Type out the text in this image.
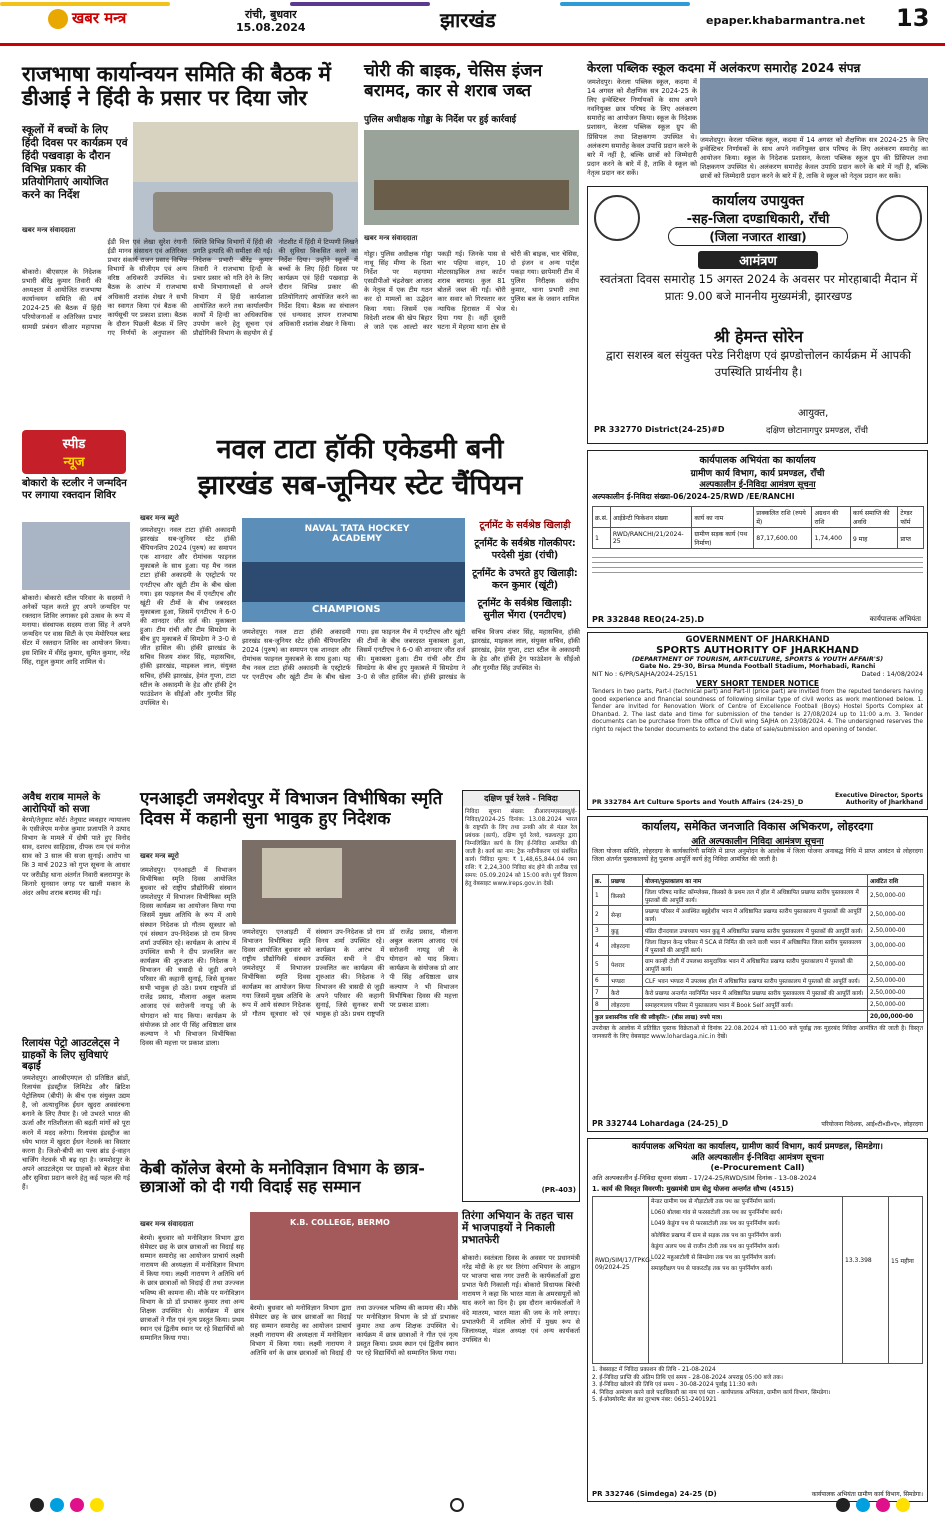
खबर मन्त्र	रांची, बुधवार
15.08.2024	झारखंड	epaper.khabarmantra.net 13
राजभाषा कार्यान्वयन समिति की बैठक में डीआई ने हिंदी के प्रसार पर दिया जोर
स्कूलों में बच्चों के लिए हिंदी दिवस पर कार्यक्रम एवं हिंदी पखवाड़ा के दौरान विभिन्न प्रकार की प्रतियोगिताएं आयोजित करने का निर्देश
खबर मन्त्र संवाददाता
बोकारो। बीएसएल के निदेशक प्रभारी बीरेंद्र कुमार तिवारी की अध्यक्षता में आयोजित राजभाषा कार्यान्वयन समिति की वर्ष 2024-25 की बैठक में हिंदी परियोजनाओं व अतिरिक्त प्रभार सामग्री प्रबंधन सीआर महापात्रा ईडी वित्त एवं लेखा सुरेश रंगानी ईडी मानव संसाधन एवं अतिरिक्त प्रभार संकार्य राजन प्रसाद विभिन्न विभागों के सीजीएम एवं अन्य वरिष्ठ अधिकारी उपस्थित थे। बैठक के आरंभ में राजभाषा अधिकारी शशांक शेखर ने सभी का स्वागत किया एवं बैठक की कार्यसूची पर प्रकाश डाला। बैठक के दौरान पिछली बैठक में लिए गए निर्णयों के अनुपालन की स्थिति विभिन्न विभागों में हिंदी की प्रगति इत्यादि की समीक्षा की गई। निदेशक प्रभारी बीरेंद्र कुमार तिवारी ने राजभाषा हिन्दी के प्रचार प्रसार को गति देने के लिए सभी विभागाध्यक्षों से अपने विभाग में हिंदी कार्यशाला आयोजित करने तथा कार्यालयीन कार्यों में हिन्दी का अधिकाधिक उपयोग करने हेतु सूचना एवं प्रौद्योगिकी विभाग के सहयोग से ई नोटशीट में हिंदी में टिप्पणी लिखने की सुविधा विकसित करने का निर्देश दिया। उन्होंने स्कूलों में बच्चों के लिए हिंदी दिवस पर कार्यक्रम एवं हिंदी पखवाड़ा के दौरान विभिन्न प्रकार की प्रतियोगिताएं आयोजित करने का निर्देश दिया। बैठक का संचालन एवं धन्यवाद ज्ञापन राजभाषा अधिकारी शशांक शेखर ने किया।
चोरी की बाइक, चेसिस इंजन बरामद, कार से शराब जब्त
पुलिस अधीक्षक गोड्डा के निर्देश पर हुई कार्रवाई
खबर मन्त्र संवाददाता
गोड्डा। पुलिस अधीक्षक गोड्डा नाथू सिंह मीणा के दिशा निर्देश पर महगामा एसडीपीओ चंद्रशेखर आजाद के नेतृत्व में एक टीम गठन कर दो मामलों का उद्भेदन किया गया। जिसमें एक विदेशी शराब की खेप बिहार ले जाते एक आल्टो कार पकड़ी गई। जिनके पास से चार पहिया वाहन, 10 मोटरसाइकिल तथा कार्टन शराब बरामद। कुल 81 बोतलें जब्त की गईं। चोरी कार सवार को गिरफ्तार कर न्यायिक हिरासत में भेज दिया गया है। वहीं दूसरी घटना में मेहरमा थाना क्षेत्र से चोरी की बाइक, चार चेसिस, दो इंजन व अन्य पार्ट्स पकड़ा गया। छापेमारी टीम में पुलिस निरीक्षक संदीप कुमार, थाना प्रभारी तथा पुलिस बल के जवान शामिल थे।
केरला पब्लिक स्कूल कदमा में अलंकरण समारोह 2024 संपन्न
जमशेदपुर। केरला पब्लिक स्कूल, कदमा में 14 अगस्त को शैक्षणिक सत्र 2024-25 के लिए इन्वेस्टिचर निर्णायकों के साथ अपने नवनियुक्त छात्र परिषद के लिए अलंकरण समारोह का आयोजन किया। स्कूल के निदेशक प्रशासन, केरला पब्लिक स्कूल ग्रुप की प्रिंसिपल तथा शिक्षकगण उपस्थित थे। अलंकरण समारोह केवल उपाधि प्रदान करने के बारे में नहीं है, बल्कि छात्रों को जिम्मेदारी प्रदान करने के बारे में है, ताकि वे स्कूल को नेतृत्व प्रदान कर सकें।
जमशेदपुर। केरला पब्लिक स्कूल, कदमा में 14 अगस्त को शैक्षणिक सत्र 2024-25 के लिए इन्वेस्टिचर निर्णायकों के साथ अपने नवनियुक्त छात्र परिषद के लिए अलंकरण समारोह का आयोजन किया। स्कूल के निदेशक प्रशासन, केरला पब्लिक स्कूल ग्रुप की प्रिंसिपल तथा शिक्षकगण उपस्थित थे। अलंकरण समारोह केवल उपाधि प्रदान करने के बारे में नहीं है, बल्कि छात्रों को जिम्मेदारी प्रदान करने के बारे में है, ताकि वे स्कूल को नेतृत्व प्रदान कर सकें।
कार्यालय उपायुक्त
-सह-जिला दण्डाधिकारी, रॉंची
(जिला नजारत शाखा)
आमंत्रण
स्वतंत्रता दिवस समारोह 15 अगस्त 2024 के अवसर पर मोरहाबादी मैदान में प्रातः 9.00 बजे माननीय मुख्यमंत्री, झारखण्ड
श्री हेमन्त सोरेन
द्वारा सशस्त्र बल संयुक्त परेड निरीक्षण एवं झण्डोत्तोलन कार्यक्रम में आपकी उपस्थिति प्रार्थनीय है।
आयुक्त,
PR 332770 District(24-25)#D	दक्षिण छोटानागपुर प्रमण्डल, रॉंची
स्पीड
न्यूज
बोकारो के स्टलीर ने जन्मदिन पर लगाया रक्तदान शिविर
बोकारो। बोकारो स्टील परिवार के सदस्यों ने अनेकों पहल करते हुए अपने जन्मदिन पर रक्तदान शिविर लगाकर इसे उत्सव के रूप में मनाया। संस्थापक सदस्य राजा सिंह ने अपने जन्मदिन पर वास सिटी के एम मेमोरियल ब्लड सेंटर में रक्तदान शिविर का आयोजन किया। इस शिविर में वीरेंद्र कुमार, सुमित कुमार, नरेंद्र सिंह, राहुल कुमार आदि शामिल थे।
अवैध शराब मामले के आरोपियों को सजा
बेरमो/तेनुघाट कोर्ट। तेनुघाट व्यवहार न्यायालय के एसीजेएम मनोज कुमार प्रजापति ने उत्पाद विभाग के मामले में दोषी पाते हुए विनोद साव, दशरथ साहिदास, दीपक राम एवं मनोज साव को 3 साल की सजा सुनाई। आरोप था कि 3 मार्च 2023 को गुप्त सूचना के आधार पर जरीडीह थाना अंतर्गत निवारी बलरामपुर के किनारे सुनसान जगह पर खाली मकान के अंदर अवैध शराब बरामद की गई।
रिलायंस पेट्रो आउटलेट्स ने ग्राहकों के लिए सुविधाएं बढ़ाईं
जमशेदपुर। आरबीएमएल दो प्रतिष्ठित ब्रांडों, रिलायंस इंडस्ट्रीज लिमिटेड और ब्रिटिश पेट्रोलियम (बीपी) के बीच एक संयुक्त उद्यम है, जो अत्याधुनिक ईंधन खुदरा अवसंरचना बनाने के लिए तैयार है। जो उभरते भारत की ऊर्जा और गतिशीलता की बढ़ती मांगों को पूरा करने में मदद करेगा। रिलायंस इंडस्ट्रीज का ध्येय भारत में खुदरा ईंधन नेटवर्क का विस्तार करना है। जिओ-बीपी का पल्स ब्रांड ई-वाहन चार्जिंग नेटवर्क भी बढ़ रहा है। जमशेदपुर के अपने आउटलेट्स पर ग्राहकों को बेहतर सेवा और सुविधा प्रदान करने हेतु कई पहल की गई हैं।
नवल टाटा हॉकी एकेडमी बनी
झारखंड सब-जूनियर स्टेट चैंपियन
खबर मन्त्र ब्यूरो
जमशेदपुर। नवल टाटा हॉकी अकादमी झारखंड सब-जूनियर स्टेट हॉकी चैंपियनशिप 2024 (पुरुष) का समापन एक शानदार और रोमांचक फाइनल मुकाबले के साथ हुआ। यह मैच नवल टाटा हॉकी अकादमी के एस्ट्रोटर्फ पर एनटीएच और खूंटी टीम के बीच खेला गया। इस फाइनल मैच में एनटीएच और खूंटी की टीमों के बीच जबरदस्त मुकाबला हुआ, जिसमें एनटीएच ने 6-0 की शानदार जीत दर्ज की। मुकाबला हुआ। टीम रांची और टीम सिमडेगा के बीच हुए मुकाबले में सिमडेगा ने 3-0 से जीत हासिल की। हॉकी झारखंड के सचिव विजय शंकर सिंह, महासचिव, हॉकी झारखंड, माइकल लाल, संयुक्त सचिव, हॉकी झारखंड, हेमंत गुप्ता, टाटा स्टील के अकादमी के हेड और हॉकी ट्रेन फाउंडेशन के सीईओ और गुरमीत सिंह उपस्थित थे।
NAVAL TATA HOCKEY ACADEMY
CHAMPIONS
टूर्नामेंट के सर्वश्रेष्ठ खिलाड़ी
टूर्नामेंट के सर्वश्रेष्ठ गोलकीपर: परदेसी मुंडा (रांची)
टूर्नामेंट के उभरते हुए खिलाड़ी: करन कुमार (खूंटी)
टूर्नामेंट के सर्वश्रेष्ठ खिलाड़ी: सुनील भेंगरा (एनटीएच)
जमशेदपुर। नवल टाटा हॉकी अकादमी झारखंड सब-जूनियर स्टेट हॉकी चैंपियनशिप 2024 (पुरुष) का समापन एक शानदार और रोमांचक फाइनल मुकाबले के साथ हुआ। यह मैच नवल टाटा हॉकी अकादमी के एस्ट्रोटर्फ पर एनटीएच और खूंटी टीम के बीच खेला गया। इस फाइनल मैच में एनटीएच और खूंटी की टीमों के बीच जबरदस्त मुकाबला हुआ, जिसमें एनटीएच ने 6-0 की शानदार जीत दर्ज की। मुकाबला हुआ। टीम रांची और टीम सिमडेगा के बीच हुए मुकाबले में सिमडेगा ने 3-0 से जीत हासिल की। हॉकी झारखंड के सचिव विजय शंकर सिंह, महासचिव, हॉकी झारखंड, माइकल लाल, संयुक्त सचिव, हॉकी झारखंड, हेमंत गुप्ता, टाटा स्टील के अकादमी के हेड और हॉकी ट्रेन फाउंडेशन के सीईओ और गुरमीत सिंह उपस्थित थे।
एनआइटी जमशेदपुर में विभाजन विभीषिका स्मृति दिवस में कहानी सुना भावुक हुए निदेशक
खबर मन्त्र ब्यूरो
जमशेदपुर। एनआइटी में विभाजन विभीषिका स्मृति दिवस आयोजित बुधवार को राष्ट्रीय प्रौद्योगिकी संस्थान जमशेदपुर में विभाजन विभीषिका स्मृति दिवस कार्यक्रम का आयोजन किया गया जिसमें मुख्य अतिथि के रूप में आये संस्थान निदेशक प्रो गौतम सूत्रधार को एवं संस्थान उप-निदेशक प्रो राम विनय शर्मा उपस्थित रहे। कार्यक्रम के आरंभ में उपस्थित सभी ने दीप प्रज्वलित कर कार्यक्रम की शुरुआत की। निदेशक ने विभाजन की त्रासदी से जुड़ी अपने परिवार की कहानी सुनाई, जिसे सुनकर सभी भावुक हो उठे। प्रथम राष्ट्रपति डॉ राजेंद्र प्रसाद, मौलाना अबुल कलाम आजाद एवं सरोजनी नायडू जी के योगदान को याद किया। कार्यक्रम के संयोजक प्रो आर पी सिंह अधिष्ठाता छात्र कल्याण ने भी विभाजन विभीषिका दिवस की महत्ता पर प्रकाश डाला।
जमशेदपुर। एनआइटी में विभाजन विभीषिका स्मृति दिवस आयोजित बुधवार को राष्ट्रीय प्रौद्योगिकी संस्थान जमशेदपुर में विभाजन विभीषिका स्मृति दिवस कार्यक्रम का आयोजन किया गया जिसमें मुख्य अतिथि के रूप में आये संस्थान निदेशक प्रो गौतम सूत्रधार को एवं संस्थान उप-निदेशक प्रो राम विनय शर्मा उपस्थित रहे। कार्यक्रम के आरंभ में उपस्थित सभी ने दीप प्रज्वलित कर कार्यक्रम की शुरुआत की। निदेशक ने विभाजन की त्रासदी से जुड़ी अपने परिवार की कहानी सुनाई, जिसे सुनकर सभी भावुक हो उठे। प्रथम राष्ट्रपति डॉ राजेंद्र प्रसाद, मौलाना अबुल कलाम आजाद एवं सरोजनी नायडू जी के योगदान को याद किया। कार्यक्रम के संयोजक प्रो आर पी सिंह अधिष्ठाता छात्र कल्याण ने भी विभाजन विभीषिका दिवस की महत्ता पर प्रकाश डाला।
दक्षिण पूर्व रेलवे - निविदा
निविदा सूचना संख्या: डीआरएमएसडब्लू/ई-निविदा/2024-25 दिनांक: 13.08.2024 भारत के राष्ट्रपति के लिए तथा उनकी ओर से मंडल रेल प्रबंधक (कार्य), दक्षिण पूर्व रेलवे, चक्रधरपुर द्वारा निम्नलिखित कार्य के लिए ई-निविदा आमंत्रित की जाती है। कार्य का नाम: ट्रैक नवीनीकरण एवं संबंधित कार्य। निविदा मूल्य: ₹ 1,48,65,844.04 जमा राशि: ₹ 2,24,300 निविदा बंद होने की तारीख एवं समय: 05.09.2024 को 15:00 बजे। पूर्ण विवरण हेतु वेबसाइट www.ireps.gov.in देखें।
(PR-403)
केबी कॉलेज बेरमो के मनोविज्ञान विभाग के छात्र-छात्राओं को दी गयी विदाई सह सम्मान
खबर मन्त्र संवाददाता	K.B. COLLEGE, BERMO
बेरमो। बुधवार को मनोविज्ञान विभाग द्वारा सेमेस्टर छह के छात्र छात्राओं का विदाई सह सम्मान समारोह का आयोजन प्राचार्य लक्ष्मी नारायण की अध्यक्षता में मनोविज्ञान विभाग में किया गया। लक्ष्मी नारायण ने अतिथि वर्ग के छात्र छात्राओं को विदाई दी तथा उज्ज्वल भविष्य की कामना की। मौके पर मनोविज्ञान विभाग के प्रो डॉ प्रभाकर कुमार तथा अन्य शिक्षक उपस्थित थे। कार्यक्रम में छात्र छात्राओं ने गीत एवं नृत्य प्रस्तुत किया। प्रथम स्थान एवं द्वितीय स्थान पर रहे विद्यार्थियों को सम्मानित किया गया।
बेरमो। बुधवार को मनोविज्ञान विभाग द्वारा सेमेस्टर छह के छात्र छात्राओं का विदाई सह सम्मान समारोह का आयोजन प्राचार्य लक्ष्मी नारायण की अध्यक्षता में मनोविज्ञान विभाग में किया गया। लक्ष्मी नारायण ने अतिथि वर्ग के छात्र छात्राओं को विदाई दी तथा उज्ज्वल भविष्य की कामना की। मौके पर मनोविज्ञान विभाग के प्रो डॉ प्रभाकर कुमार तथा अन्य शिक्षक उपस्थित थे। कार्यक्रम में छात्र छात्राओं ने गीत एवं नृत्य प्रस्तुत किया। प्रथम स्थान एवं द्वितीय स्थान पर रहे विद्यार्थियों को सम्मानित किया गया।
तिरंगा अभियान के तहत चास में भाजपाइयों ने निकाली प्रभातफेरी
बोकारो। स्वतंत्रता दिवस के अवसर पर प्रधानमंत्री नरेंद्र मोदी के हर घर तिरंगा अभियान के आह्वान पर भाजपा चास नगर उत्तरी के कार्यकर्ताओं द्वारा प्रभात फेरी निकाली गई। बोकारो विधायक बिरंची नारायण ने कहा कि भारत माता के अमरसपूतों को याद करने का दिन है। इस दौरान कार्यकर्ताओं ने वंदे मातरम, भारत माता की जय के नारे लगाए। प्रभातफेरी में शामिल लोगों में मुख्य रूप से जिलाध्यक्ष, मंडल अध्यक्ष एवं अन्य कार्यकर्ता उपस्थित थे।
कार्यपालक अभियंता का कार्यालय
ग्रामीण कार्य विभाग, कार्य प्रमण्डल, रॉंची
अल्पकालीन ई-निविदा आमंत्रण सूचना
अल्पकालीन ई-निविदा संख्या-06/2024-25/RWD /EE/RANCHI
क्र.सं.	आईडेन्टी फिकेशन संख्या	कार्य का नाम	प्राक्कलित राशि (रुपये में)	अग्रधन की राशि	कार्य समाप्ति की अवधि	टेण्डर फॉर्म
1	RWD/RANCHI/21/2024-25	ग्रामीण सड़क कार्य (पथ निर्माण)	87,17,600.00	1,74,400	9 माह	प्राप्त
PR 332848 REO(24-25).D	कार्यपालक अभियंता
GOVERNMENT OF JHARKHAND
SPORTS AUTHORITY OF JHARKHAND
(DEPARTMENT OF TOURISM, ART-CULTURE, SPORTS & YOUTH AFFAIR'S)
Gate No. 29-30, Birsa Munda Football Stadium, Morhabadi, Ranchi
NIT No : 6/PR/SAJHA/2024-25/151	Dated : 14/08/2024
VERY SHORT TENDER NOTICE
Tenders in two parts, Part-I (technical part) and Part-II (price part) are invited from the reputed tenderers having good experience and financial soundness of following similar type of civil works as work mentioned below. 1. Tender are invited for Renovation Work of Centre of Excellence Football (Boys) Hostel Sports Complex at Dhanbad. 2. The last date and time for submission of the tender is 27/08/2024 up to 11:00 a.m. 3. Tender documents can be purchase from the office of Civil wing SAJHA on 23/08/2024. 4. The undersigned reserves the right to reject the tender documents to extend the date of sale/submission and opening of tender.
PR 332784 Art Culture Sports and Youth Affairs (24-25)_D
Executive Director, Sports Authority of Jharkhand
कार्यालय, समेकित जनजाति विकास अभिकरण, लोहरदगा
अति अल्पकालीन निविदा आमंत्रण सूचना
जिला योजना समिति, लोहरदगा के कार्यकारिणी समिति में प्राप्त अनुमोदन के आलोक में जिला योजना अनाबद्ध निधि में प्राप्त आवंटन से लोहरदगा जिला अंतर्गत पुस्तकालयों हेतु पुस्तक आपूर्ति कार्य हेतु निविदा आमंत्रित की जाती है।
क्र.	प्रखण्ड	योजना/पुस्तकालय का नाम	आवंटित राशि
1	किस्को	जिला परिषद मार्केट कॉम्प्लेक्स, किस्को के प्रथम तल में हॉल में अधिष्ठापित प्रखण्ड स्तरीय पुस्तकालय में पुस्तकों की आपूर्ति कार्य।	2,50,000-00
2	सेन्हा	प्रखण्ड परिसर में अवस्थित बहुद्देशीय भवन में अधिष्ठापित प्रखण्ड स्तरीय पुस्तकालय में पुस्तकों की आपूर्ति कार्य।	2,50,000-00
3	कुडू	पंडित दीनदयाल उपाध्याय भवन कुडू में अधिष्ठापित प्रखण्ड स्तरीय पुस्तकालय में पुस्तकों की आपूर्ति कार्य।	2,50,000-00
4	लोहरदगा	जिला विज्ञान केन्द्र परिसर में SCA से निर्मित की जाने वाली भवन में अधिष्ठापित जिला स्तरीय पुस्तकालय में पुस्तकों की आपूर्ति कार्य।	3,00,000-00
5	पेशरार	ग्राम कान्ही टोली में उपलब्ध सामुदायिक भवन में अधिष्ठापित प्रखण्ड स्तरीय पुस्तकालय में पुस्तकों की आपूर्ति कार्य।	2,50,000-00
6	भण्डरा	CLF भवन भण्डरा में उपलब्ध हॉल में अधिष्ठापित प्रखण्ड स्तरीय पुस्तकालय में पुस्तकों की आपूर्ति कार्य।	2,50,000-00
7	कैरो	कैरो प्रखण्ड अन्तर्गत नवनिर्मित भवन में अधिष्ठापित प्रखण्ड स्तरीय पुस्तकालय में पुस्तकों की आपूर्ति कार्य।	2,50,000-00
8	लोहरदगा	समाहरणालय परिसर में पुस्तकालय भवन में Book Self आपूर्ति कार्य।	2,50,000-00
कुल प्रशासनिक राशि की स्वीकृति:- (बीस लाख) रुपये मात्र।			20,00,000-00
उपरोक्त के आलोक में प्रतिष्ठित पुस्तक विक्रेताओं से दिनांक 22.08.2024 को 11:00 बजे पूर्वाह्न तक मुहरबंद निविदा आमंत्रित की जाती है। विस्तृत जानकारी के लिए वेबसाइट www.lohardaga.nic.in देखें।
PR 332744 Lohardaga (24-25)_D	परियोजना निदेशक, आई०टी०डी०ए०, लोहरदगा
कार्यपालक अभियंता का कार्यालय, ग्रामीण कार्य विभाग, कार्य प्रमण्डल, सिमडेगा।
अति अल्पकालीन ई-निविदा आमंत्रण सूचना
(e-Procurement Call)
अति अल्पकालीन ई-निविदा सूचना संख्या - 17/24-25/RWD/SIM दिनांक - 13-08-2024
1. कार्य की विस्तृत विवरणी: मुख्यमंत्री ग्राम सेतु योजना अन्तर्गत सौभ्य (4515)
RWD/SIM/17/TPKG-09/2024-25
मेन्डर ग्रामीण पथ से गौड़ाटोली तक पथ का पुनर्निर्माण कार्य।
L060 बोलबा गांव से फरसाटोली तक पथ का पुनर्निर्माण कार्य।
L049 केडुंगा पथ से फरसाटोली तक पथ का पुनर्निर्माण कार्य।
कोलेबिरा प्रखण्ड में ग्राम से सड़क तक पथ का पुनर्निर्माण कार्य।
केडुंगा अलप पथ से राजीन टोली तक पथ का पुनर्निर्माण कार्य।
L022 महुआटोली से सिमडेगा तक पथ का पुनर्निर्माण कार्य।
समाहरीक्षण पथ से पाकरटाँड़ तक पथ का पुनर्निर्माण कार्य।
13.3.398	15 महीना
1. वेबसाइट में निविदा प्रकाशन की तिथि - 21-08-2024
2. ई-निविदा प्राप्ति की अंतिम तिथि एवं समय - 28-08-2024 अपराह्न 05:00 बजे तक।
3. ई-निविदा खोलने की तिथि एवं समय - 30-08-2024 पूर्वाह्न 11:30 बजे।
4. निविदा आमंत्रण करने वाले पदाधिकारी का नाम एवं पता - कार्यपालक अभियंता, ग्रामीण कार्य विभाग, सिमडेगा।
5. ई-प्रोक्योरमेंट सेल का दूरभाष नंबर: 0651-2401921
PR 332746 (Simdega) 24-25 (D)	कार्यपालक अभियंता ग्रामीण कार्य विभाग, सिमडेगा।
